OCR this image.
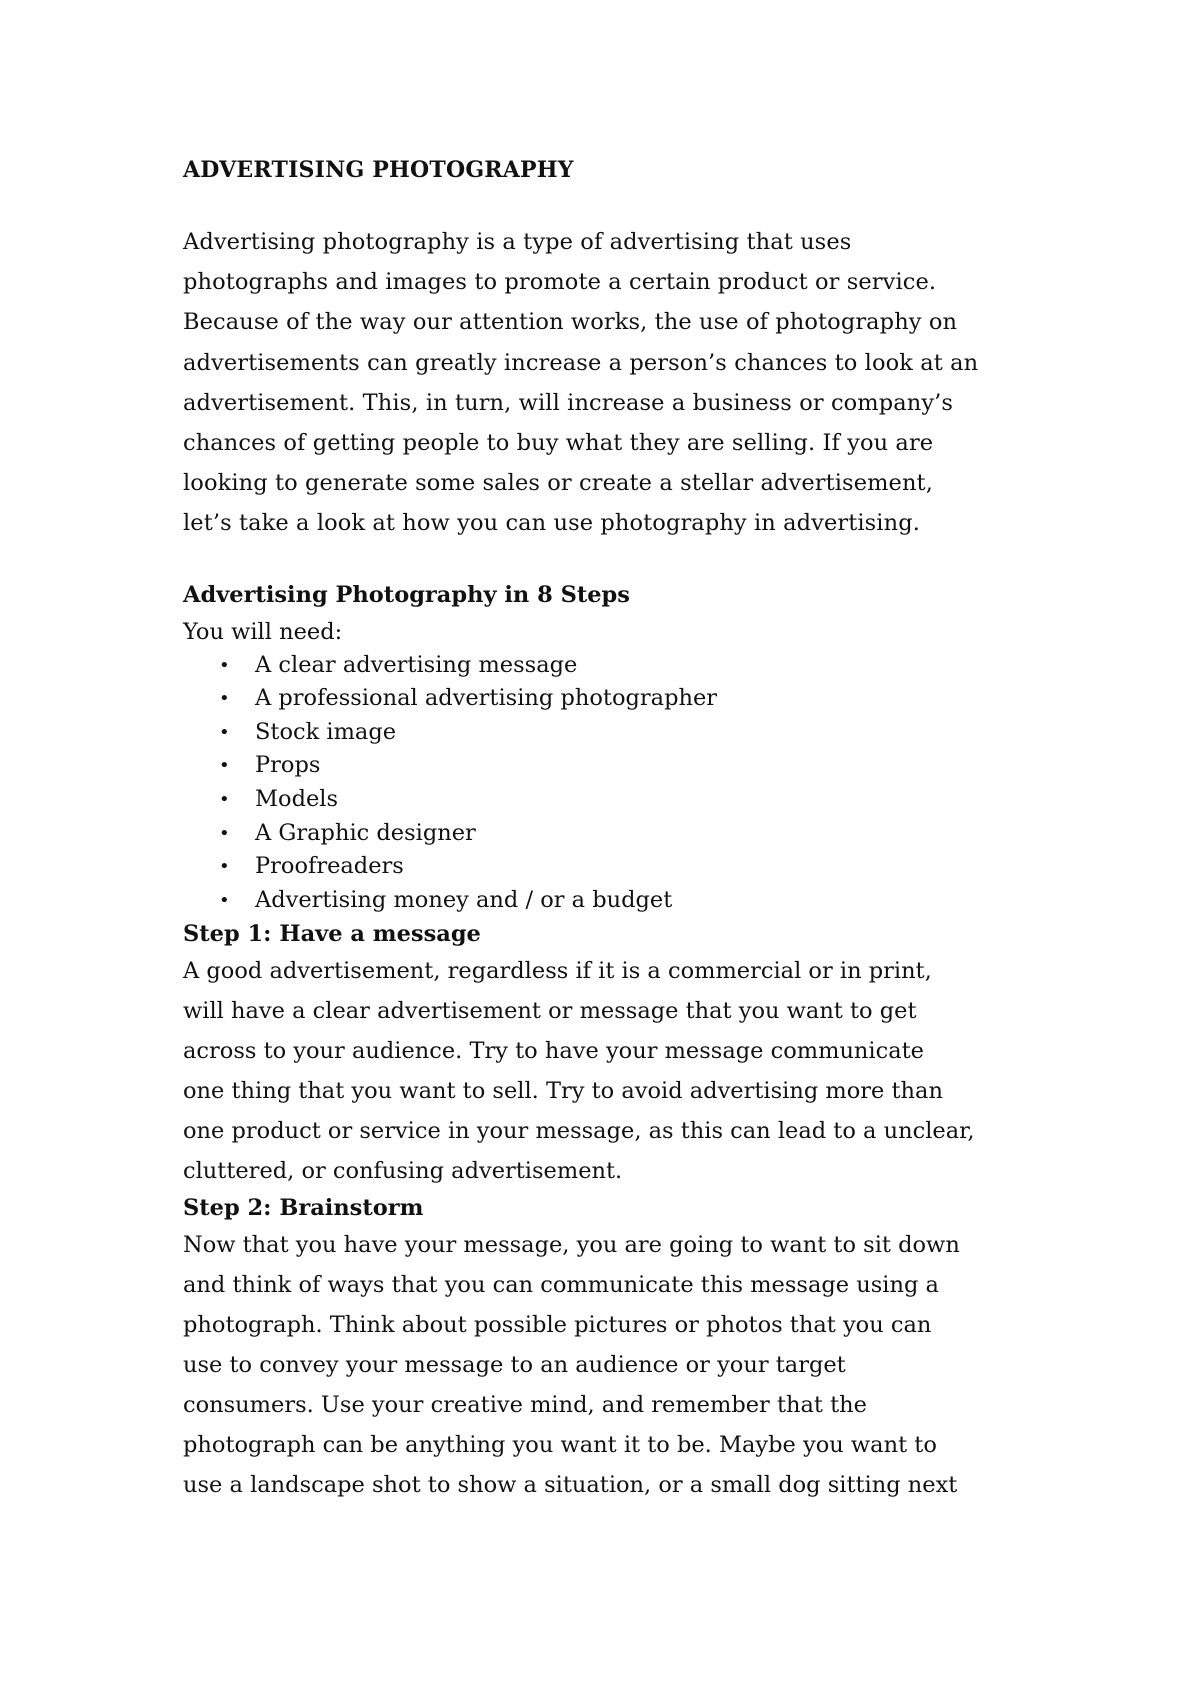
ADVERTISING PHOTOGRAPHY
Advertising photography is a type of advertising that uses
photographs and images to promote a certain product or service.
Because of the way our attention works, the use of photography on
advertisements can greatly increase a person’s chances to look at an
advertisement. This, in turn, will increase a business or company’s
chances of getting people to buy what they are selling. If you are
looking to generate some sales or create a stellar advertisement,
let’s take a look at how you can use photography in advertising.
Advertising Photography in 8 Steps
You will need:
• A clear advertising message
• A professional advertising photographer
• Stock image
• Props
• Models
• A Graphic designer
• Proofreaders
• Advertising money and / or a budget
Step 1: Have a message
A good advertisement, regardless if it is a commercial or in print,
will have a clear advertisement or message that you want to get
across to your audience. Try to have your message communicate
one thing that you want to sell. Try to avoid advertising more than
one product or service in your message, as this can lead to a unclear,
cluttered, or confusing advertisement.
Step 2: Brainstorm
Now that you have your message, you are going to want to sit down
and think of ways that you can communicate this message using a
photograph. Think about possible pictures or photos that you can
use to convey your message to an audience or your target
consumers. Use your creative mind, and remember that the
photograph can be anything you want it to be. Maybe you want to
use a landscape shot to show a situation, or a small dog sitting next
